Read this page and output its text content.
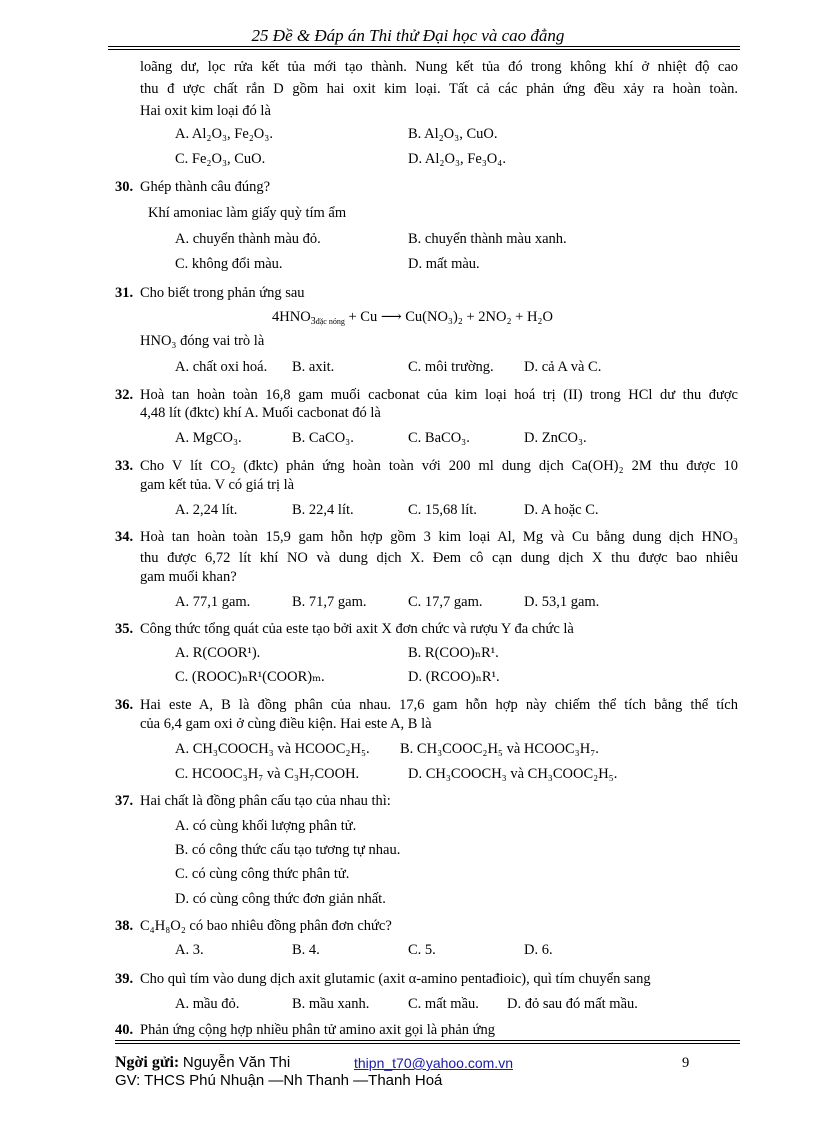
25 Đề & Đáp án Thi thử Đại học và cao đẳng
loãng dư, lọc rửa kết tủa mới tạo thành. Nung kết tủa đó trong không khí ở nhiệt độ cao
thu đ ược chất rắn D gồm hai oxit kim loại. Tất cả các phản ứng đều xảy ra hoàn toàn.
Hai oxit kim loại đó là
A. Al₂O₃, Fe₂O₃.	B. Al₂O₃, CuO.
C. Fe₂O₃, CuO.	D. Al₂O₃, Fe₃O₄.
30. Ghép thành câu đúng?
Khí amoniac làm giấy quỳ tím ẩm
A. chuyển thành màu đỏ.	B. chuyển thành màu xanh.
C. không đổi màu.	D. mất màu.
31. Cho biết trong phản ứng sau
$4HNO_{3đặc nóng} + Cu$ ⟶ Cu(NO₃)₂ + 2NO₂ + H₂O
HNO₃ đóng vai trò là
A. chất oxi hoá. B. axit.	C. môi trường. D. cả A và C.
32. Hoà tan hoàn toàn 16,8 gam muối cacbonat của kim loại hoá trị (II) trong HCl dư thu được
4,48 lít (đktc) khí A. Muối cacbonat đó là
A. MgCO₃.	B. CaCO₃.	C. BaCO₃.	D. ZnCO₃.
33. Cho V lít CO₂ (đktc) phản ứng hoàn toàn với 200 ml dung dịch Ca(OH)₂ 2M thu được 10
gam kết tủa. V có giá trị là
A. 2,24 lít.	B. 22,4 lít.	C. 15,68 lít.	D. A hoặc C.
34. Hoà tan hoàn toàn 15,9 gam hỗn hợp gồm 3 kim loại Al, Mg và Cu bằng dung dịch HNO₃
thu được 6,72 lít khí NO và dung dịch X. Đem cô cạn dung dịch X thu được bao nhiêu
gam muối khan?
A. 77,1 gam.	B. 71,7 gam.	C. 17,7 gam.	D. 53,1 gam.
35. Công thức tổng quát của este tạo bởi axit X đơn chức và rượu Y đa chức là
A. R(COOR¹).	B. R(COO)ₙR¹.
C. (ROOC)ₙR¹(COOR)ₘ.	D. (RCOO)ₙR¹.
36. Hai este A, B là đồng phân của nhau. 17,6 gam hỗn hợp này chiếm thể tích bằng thể tích
của 6,4 gam oxi ở cùng điều kiện. Hai este A, B là
A. CH₃COOCH₃ và HCOOC₂H₅. B. CH₃COOC₂H₅ và HCOOC₃H₇.
C. HCOOC₃H₇ và C₃H₇COOH.	D. CH₃COOCH₃ và CH₃COOC₂H₅.
37. Hai chất là đồng phân cấu tạo của nhau thì:
A. có cùng khối lượng phân tử.
B. có công thức cấu tạo tương tự nhau.
C. có cùng công thức phân tử.
D. có cùng công thức đơn giản nhất.
38. C₄H₈O₂ có bao nhiêu đồng phân đơn chức?
A. 3.	B. 4.	C. 5.	D. 6.
39. Cho quì tím vào dung dịch axit glutamic (axit α-amino pentađioic), quì tím chuyển sang
A. mầu đỏ.	B. mầu xanh.	C. mất mầu. D. đỏ sau đó mất mầu.
40. Phản ứng cộng hợp nhiều phân tử amino axit gọi là phản ứng
Ngời gửi: Nguyễn Văn Thi	thipn_t70@yahoo.com.vn	9
GV: THCS Phú Nhuận —Nh Thanh —Thanh Hoá
